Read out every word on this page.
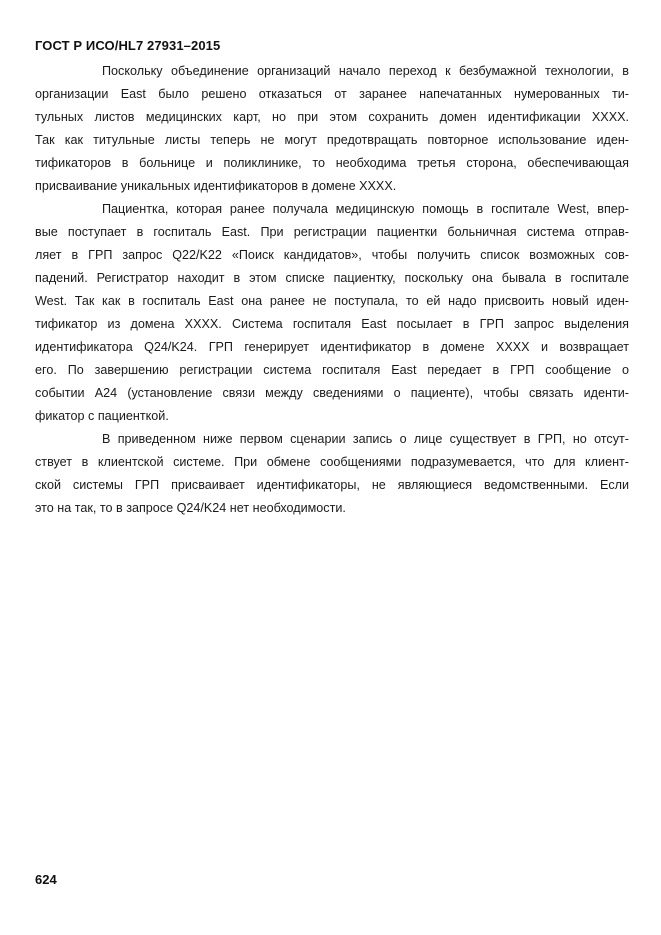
ГОСТ Р ИСО/HL7 27931–2015
Поскольку объединение организаций начало переход к безбумажной технологии, в
организации East было решено отказаться от заранее напечатанных нумерованных ти-
тульных листов медицинских карт, но при этом сохранить домен идентификации XXXX.
Так как титульные листы теперь не могут предотвращать повторное использование иден-
тификаторов в больнице и поликлинике, то необходима третья сторона, обеспечивающая
присваивание уникальных идентификаторов в домене XXXX.
Пациентка, которая ранее получала медицинскую помощь в госпитале West, впер-
вые поступает в госпиталь East. При регистрации пациентки больничная система отправ-
ляет в ГРП запрос Q22/K22 «Поиск кандидатов», чтобы получить список возможных сов-
падений. Регистратор находит в этом списке пациентку, поскольку она бывала в госпитале
West. Так как в госпиталь East она ранее не поступала, то ей надо присвоить новый иден-
тификатор из домена XXXX. Система госпиталя East посылает в ГРП запрос выделения
идентификатора Q24/K24. ГРП генерирует идентификатор в домене XXXX и возвращает
его. По завершению регистрации система госпиталя East передает в ГРП сообщение о
событии A24 (установление связи между сведениями о пациенте), чтобы связать иденти-
фикатор с пациенткой.
В приведенном ниже первом сценарии запись о лице существует в ГРП, но отсут-
ствует в клиентской системе. При обмене сообщениями подразумевается, что для клиент-
ской системы ГРП присваивает идентификаторы, не являющиеся ведомственными. Если
это на так, то в запросе Q24/K24 нет необходимости.
624
